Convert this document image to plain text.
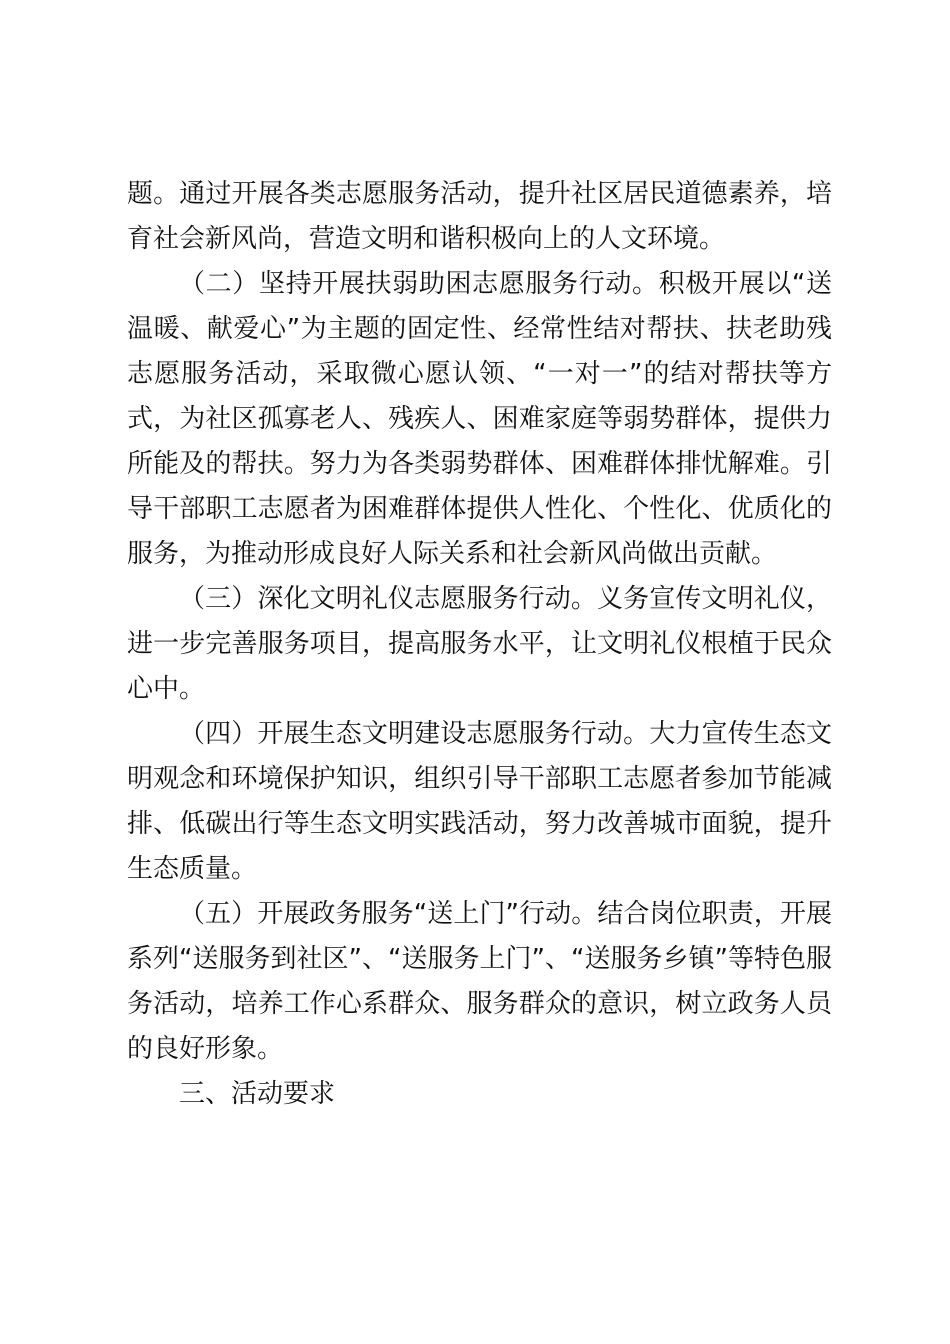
题。通过开展各类志愿服务活动，提升社区居民道德素养，培育社会新风尚，营造文明和谐积极向上的人文环境。

（二）坚持开展扶弱助困志愿服务行动。积极开展以“送温暖、献爱心”为主题的固定性、经常性结对帮扶、扶老助残志愿服务活动，采取微心愿认领、“一对一”的结对帮扶等方式，为社区孤寡老人、残疾人、困难家庭等弱势群体，提供力所能及的帮扶。努力为各类弱势群体、困难群体排忧解难。引导干部职工志愿者为困难群体提供人性化、个性化、优质化的服务，为推动形成良好人际关系和社会新风尚做出贡献。

（三）深化文明礼仪志愿服务行动。义务宣传文明礼仪，进一步完善服务项目，提高服务水平，让文明礼仪根植于民众心中。

（四）开展生态文明建设志愿服务行动。大力宣传生态文明观念和环境保护知识，组织引导干部职工志愿者参加节能减排、低碳出行等生态文明实践活动，努力改善城市面貌，提升生态质量。

（五）开展政务服务“送上门”行动。结合岗位职责，开展系列“送服务到社区”、“送服务上门”、“送服务乡镇”等特色服务活动，培养工作心系群众、服务群众的意识，树立政务人员的良好形象。

三、活动要求
